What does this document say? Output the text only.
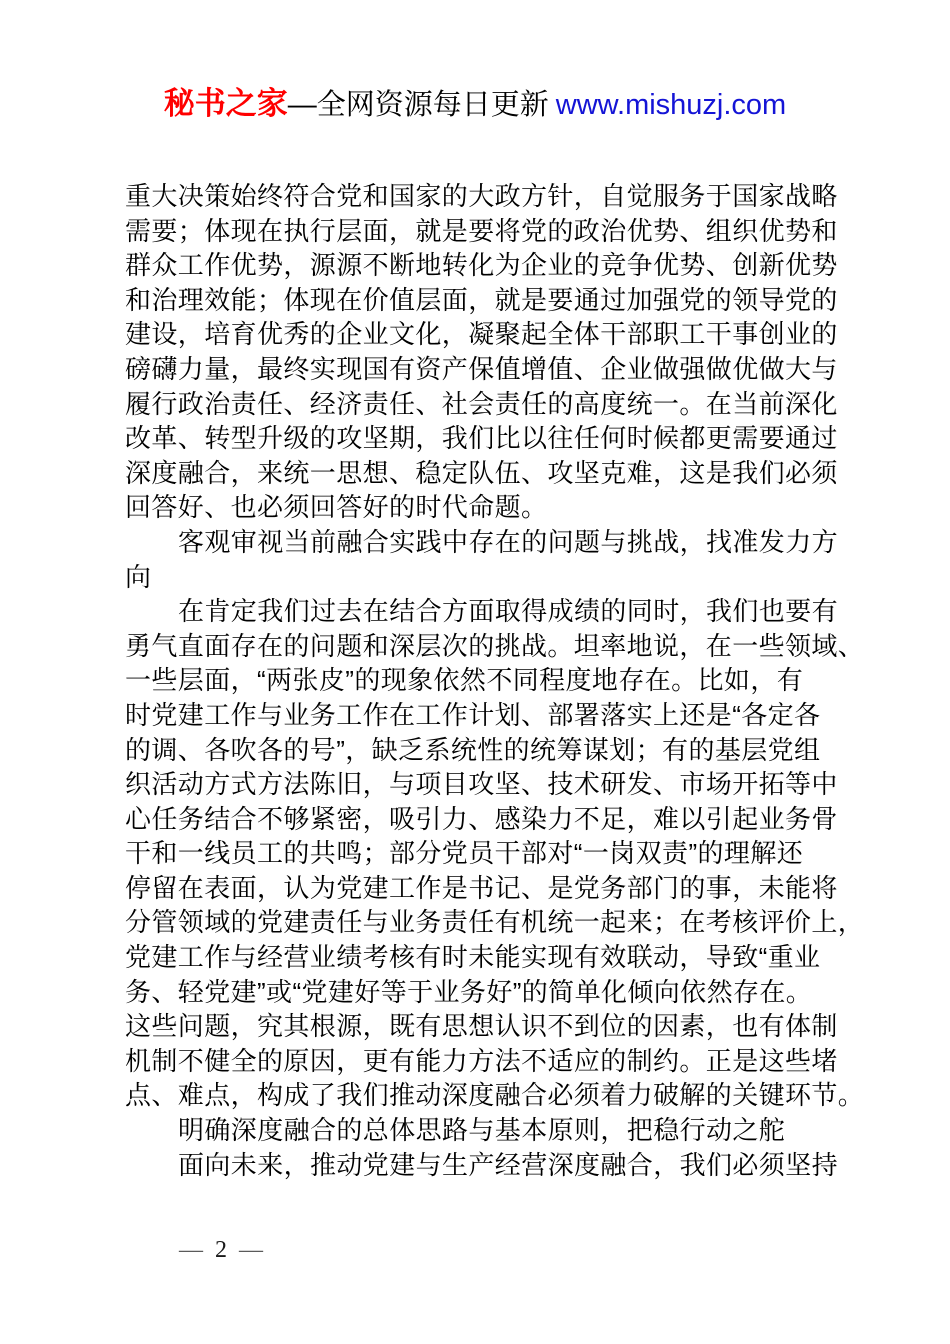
秘书之家—全网资源每日更新 www.mishuzj.com
重大决策始终符合党和国家的大政方针，自觉服务于国家战略
需要；体现在执行层面，就是要将党的政治优势、组织优势和
群众工作优势，源源不断地转化为企业的竞争优势、创新优势
和治理效能；体现在价值层面，就是要通过加强党的领导党的
建设，培育优秀的企业文化，凝聚起全体干部职工干事创业的
磅礴力量，最终实现国有资产保值增值、企业做强做优做大与
履行政治责任、经济责任、社会责任的高度统一。在当前深化
改革、转型升级的攻坚期，我们比以往任何时候都更需要通过
深度融合，来统一思想、稳定队伍、攻坚克难，这是我们必须
回答好、也必须回答好的时代命题。
客观审视当前融合实践中存在的问题与挑战，找准发力方
向
在肯定我们过去在结合方面取得成绩的同时，我们也要有
勇气直面存在的问题和深层次的挑战。坦率地说，在一些领域、
一些层面，“两张皮”的现象依然不同程度地存在。比如，有
时党建工作与业务工作在工作计划、部署落实上还是“各定各
的调、各吹各的号”，缺乏系统性的统筹谋划；有的基层党组
织活动方式方法陈旧，与项目攻坚、技术研发、市场开拓等中
心任务结合不够紧密，吸引力、感染力不足，难以引起业务骨
干和一线员工的共鸣；部分党员干部对“一岗双责”的理解还
停留在表面，认为党建工作是书记、是党务部门的事，未能将
分管领域的党建责任与业务责任有机统一起来；在考核评价上，
党建工作与经营业绩考核有时未能实现有效联动，导致“重业
务、轻党建”或“党建好等于业务好”的简单化倾向依然存在。
这些问题，究其根源，既有思想认识不到位的因素，也有体制
机制不健全的原因，更有能力方法不适应的制约。正是这些堵
点、难点，构成了我们推动深度融合必须着力破解的关键环节。
明确深度融合的总体思路与基本原则，把稳行动之舵
面向未来，推动党建与生产经营深度融合，我们必须坚持
— 2 —
